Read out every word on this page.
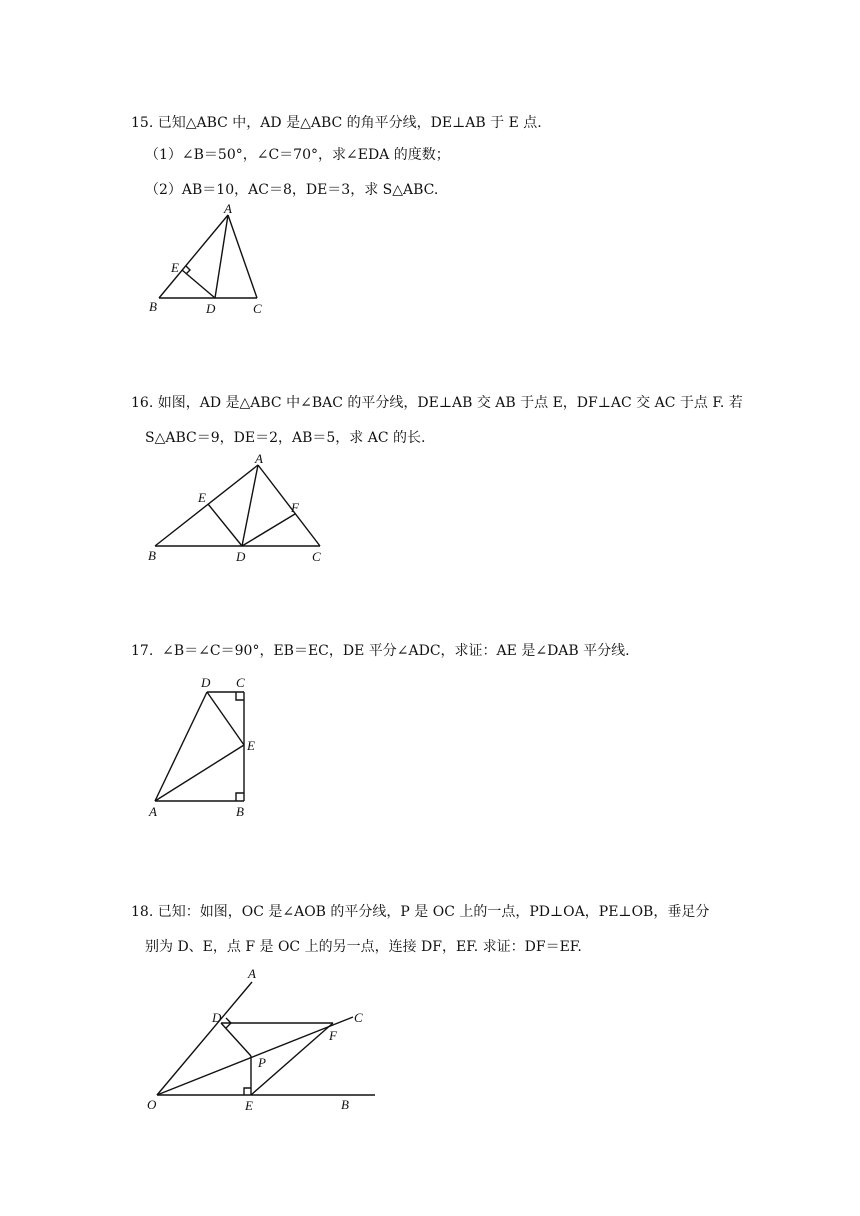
15. 已知△ABC 中，AD 是△ABC 的角平分线，DE⊥AB 于 E 点.
（1）∠B＝50°，∠C＝70°，求∠EDA 的度数；
（2）AB＝10，AC＝8，DE＝3，求 S△ABC.
A
E
B	D	C
16. 如图，AD 是△ABC 中∠BAC 的平分线，DE⊥AB 交 AB 于点 E，DF⊥AC 交 AC 于点 F. 若
S△ABC＝9，DE＝2，AB＝5，求 AC 的长.
A
E
F
B	D	C
17. ∠B＝∠C＝90°，EB＝EC，DE 平分∠ADC，求证：AE 是∠DAB 平分线.
D C
E
A	B
18. 已知：如图，OC 是∠AOB 的平分线，P 是 OC 上的一点，PD⊥OA，PE⊥OB，垂足分
别为 D、E，点 F 是 OC 上的另一点，连接 DF，EF. 求证：DF＝EF.
A
D	C
F
P
O	E	B
